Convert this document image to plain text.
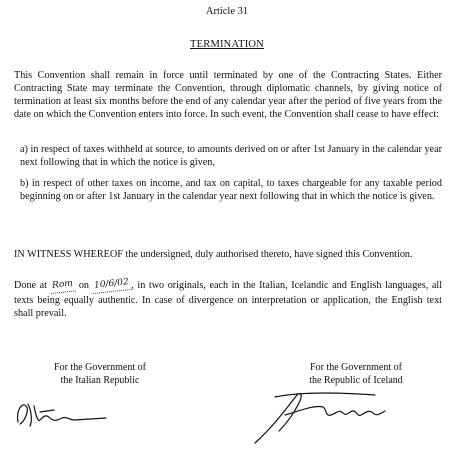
Article 31
TERMINATION

This Convention shall remain in force until terminated by one of the Contracting States. Either Contracting State may terminate the Convention, through diplomatic channels, by giving notice of termination at least six months before the end of any calendar year after the period of five years from the date on which the Convention enters into force. In such event, the Convention shall cease to have effect:

a) in respect of taxes withheld at source, to amounts derived on or after 1st January in the calendar year next following that in which the notice is given,

b) in respect of other taxes on income, and tax on capital, to taxes chargeable for any taxable period beginning on or after 1st January in the calendar year next following that in which the notice is given.

IN WITNESS WHEREOF the undersigned, duly authorised thereto, have signed this Convention.

Done at Rom on 10/6/02 , in two originals, each in the Italian, Icelandic and English languages, all texts being equally authentic. In case of divergence on interpretation or application, the English text shall prevail.

For the Government of
the Italian Republic
For the Government of
the Republic of Iceland
